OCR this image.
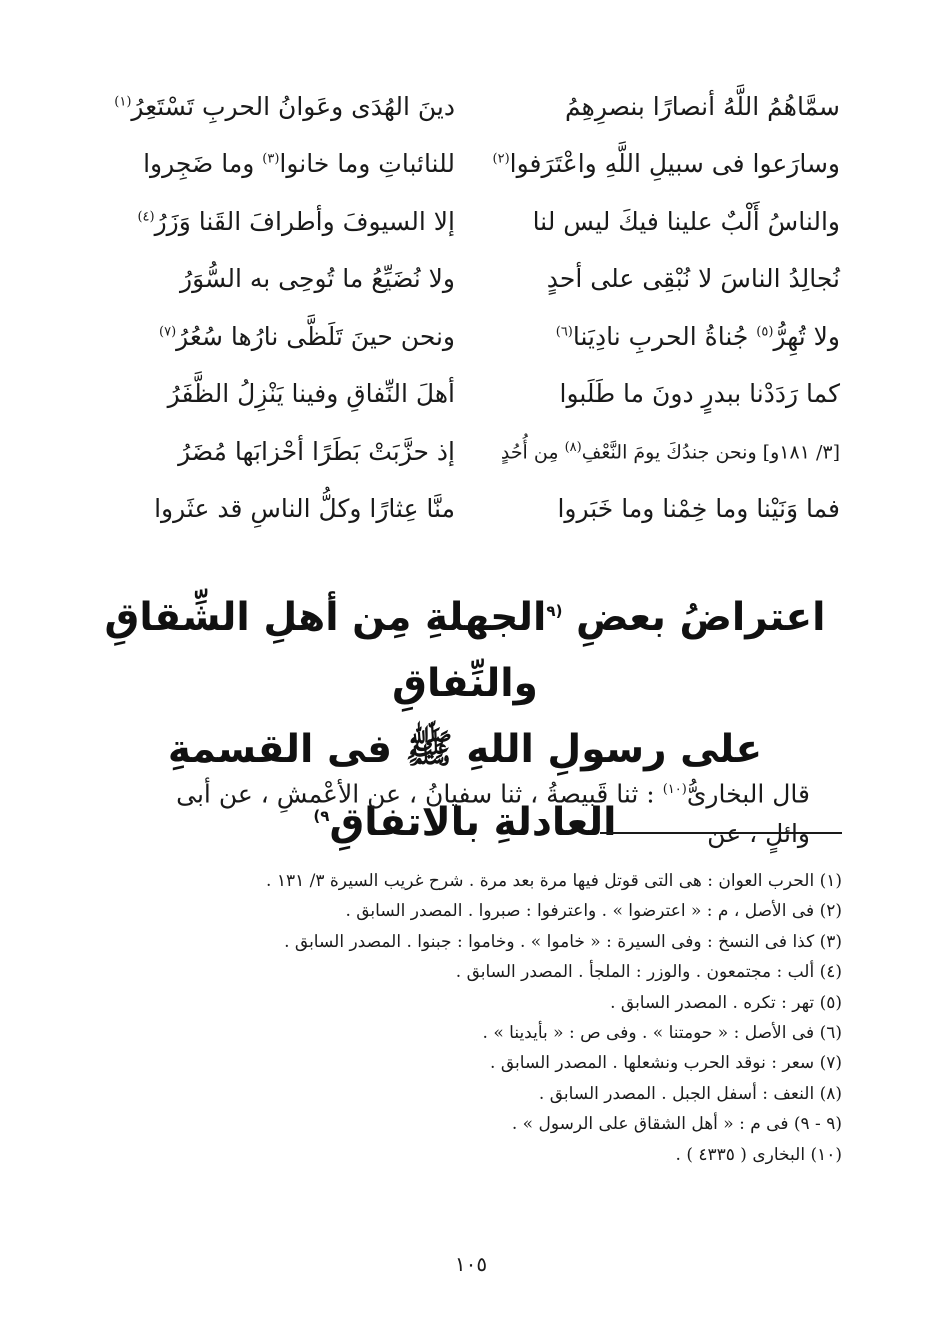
سمَّاهُمُ اللَّهُ أنصارًا بنصرِهِمُ
دينَ الهُدَى وعَوانُ الحربِ تَسْتَعِرُ$^{(١)}$
وسارَعوا فى سبيلِ اللَّهِ واعْتَرَفوا$^{(٢)}$
للنائباتِ وما خانوا$^{(٣)}$ وما ضَجِروا
والناسُ أَلْبٌ علينا فيكَ ليس لنا
إلا السيوفَ وأطرافَ القَنا وَزَرُ$^{(٤)}$
نُجالِدُ الناسَ لا نُبْقِى على أحدٍ
ولا نُضَيِّعُ ما تُوحِى به السُّوَرُ
ولا تُهِرُّ$^{(٥)}$ جُناةُ الحربِ نادِيَنا$^{(٦)}$
ونحن حينَ تَلَظَّى نارُها سُعُرُ$^{(٧)}$
كما رَدَدْنا ببدرٍ دونَ ما طَلَبوا
أهلَ النِّفاقِ وفينا يَنْزِلُ الظَّفَرُ
[٣/ ١٨١و] ونحن جندُكَ يومَ النَّعْفِ$^{(٨)}$ مِن أُحُدٍ
إذ حزَّبَتْ بَطَرًا أحْزابَها مُضَرُ
فما وَنَيْنا وما خِمْنا وما خَبَروا
منَّا عِثارًا وكلُّ الناسِ قد عثَروا
اعتراضُ بعضِ $^{(٩}$الجهلةِ مِن أهلِ الشِّقاقِ والنِّفاقِ
على رسولِ اللهِ ﷺ فى القسمةِ العادلةِ بالاتفاقِ$^{٩)}$
قال البخارىُّ$^{(١٠)}$ : ثنا قَبيصةُ ، ثنا سفيانُ ، عن الأعْمشِ ، عن أبى وائلٍ ، عن
(١) الحرب العوان : هى التى قوتل فيها مرة بعد مرة . شرح غريب السيرة ٣/ ١٣١ .
(٢) فى الأصل ، م : « اعترضوا » . واعترفوا : صبروا . المصدر السابق .
(٣) كذا فى النسخ : وفى السيرة : « خاموا » . وخاموا : جبنوا . المصدر السابق .
(٤) ألب : مجتمعون . والوزر : الملجأ . المصدر السابق .
(٥) تهر : تكره . المصدر السابق .
(٦) فى الأصل : « حومتنا » . وفى ص : « بأيدينا » .
(٧) سعر : نوقد الحرب ونشعلها . المصدر السابق .
(٨) النعف : أسفل الجبل . المصدر السابق .
(٩ - ٩) فى م : « أهل الشقاق على الرسول » .
(١٠) البخارى ( ٤٣٣٥ ) .
١٠٥
